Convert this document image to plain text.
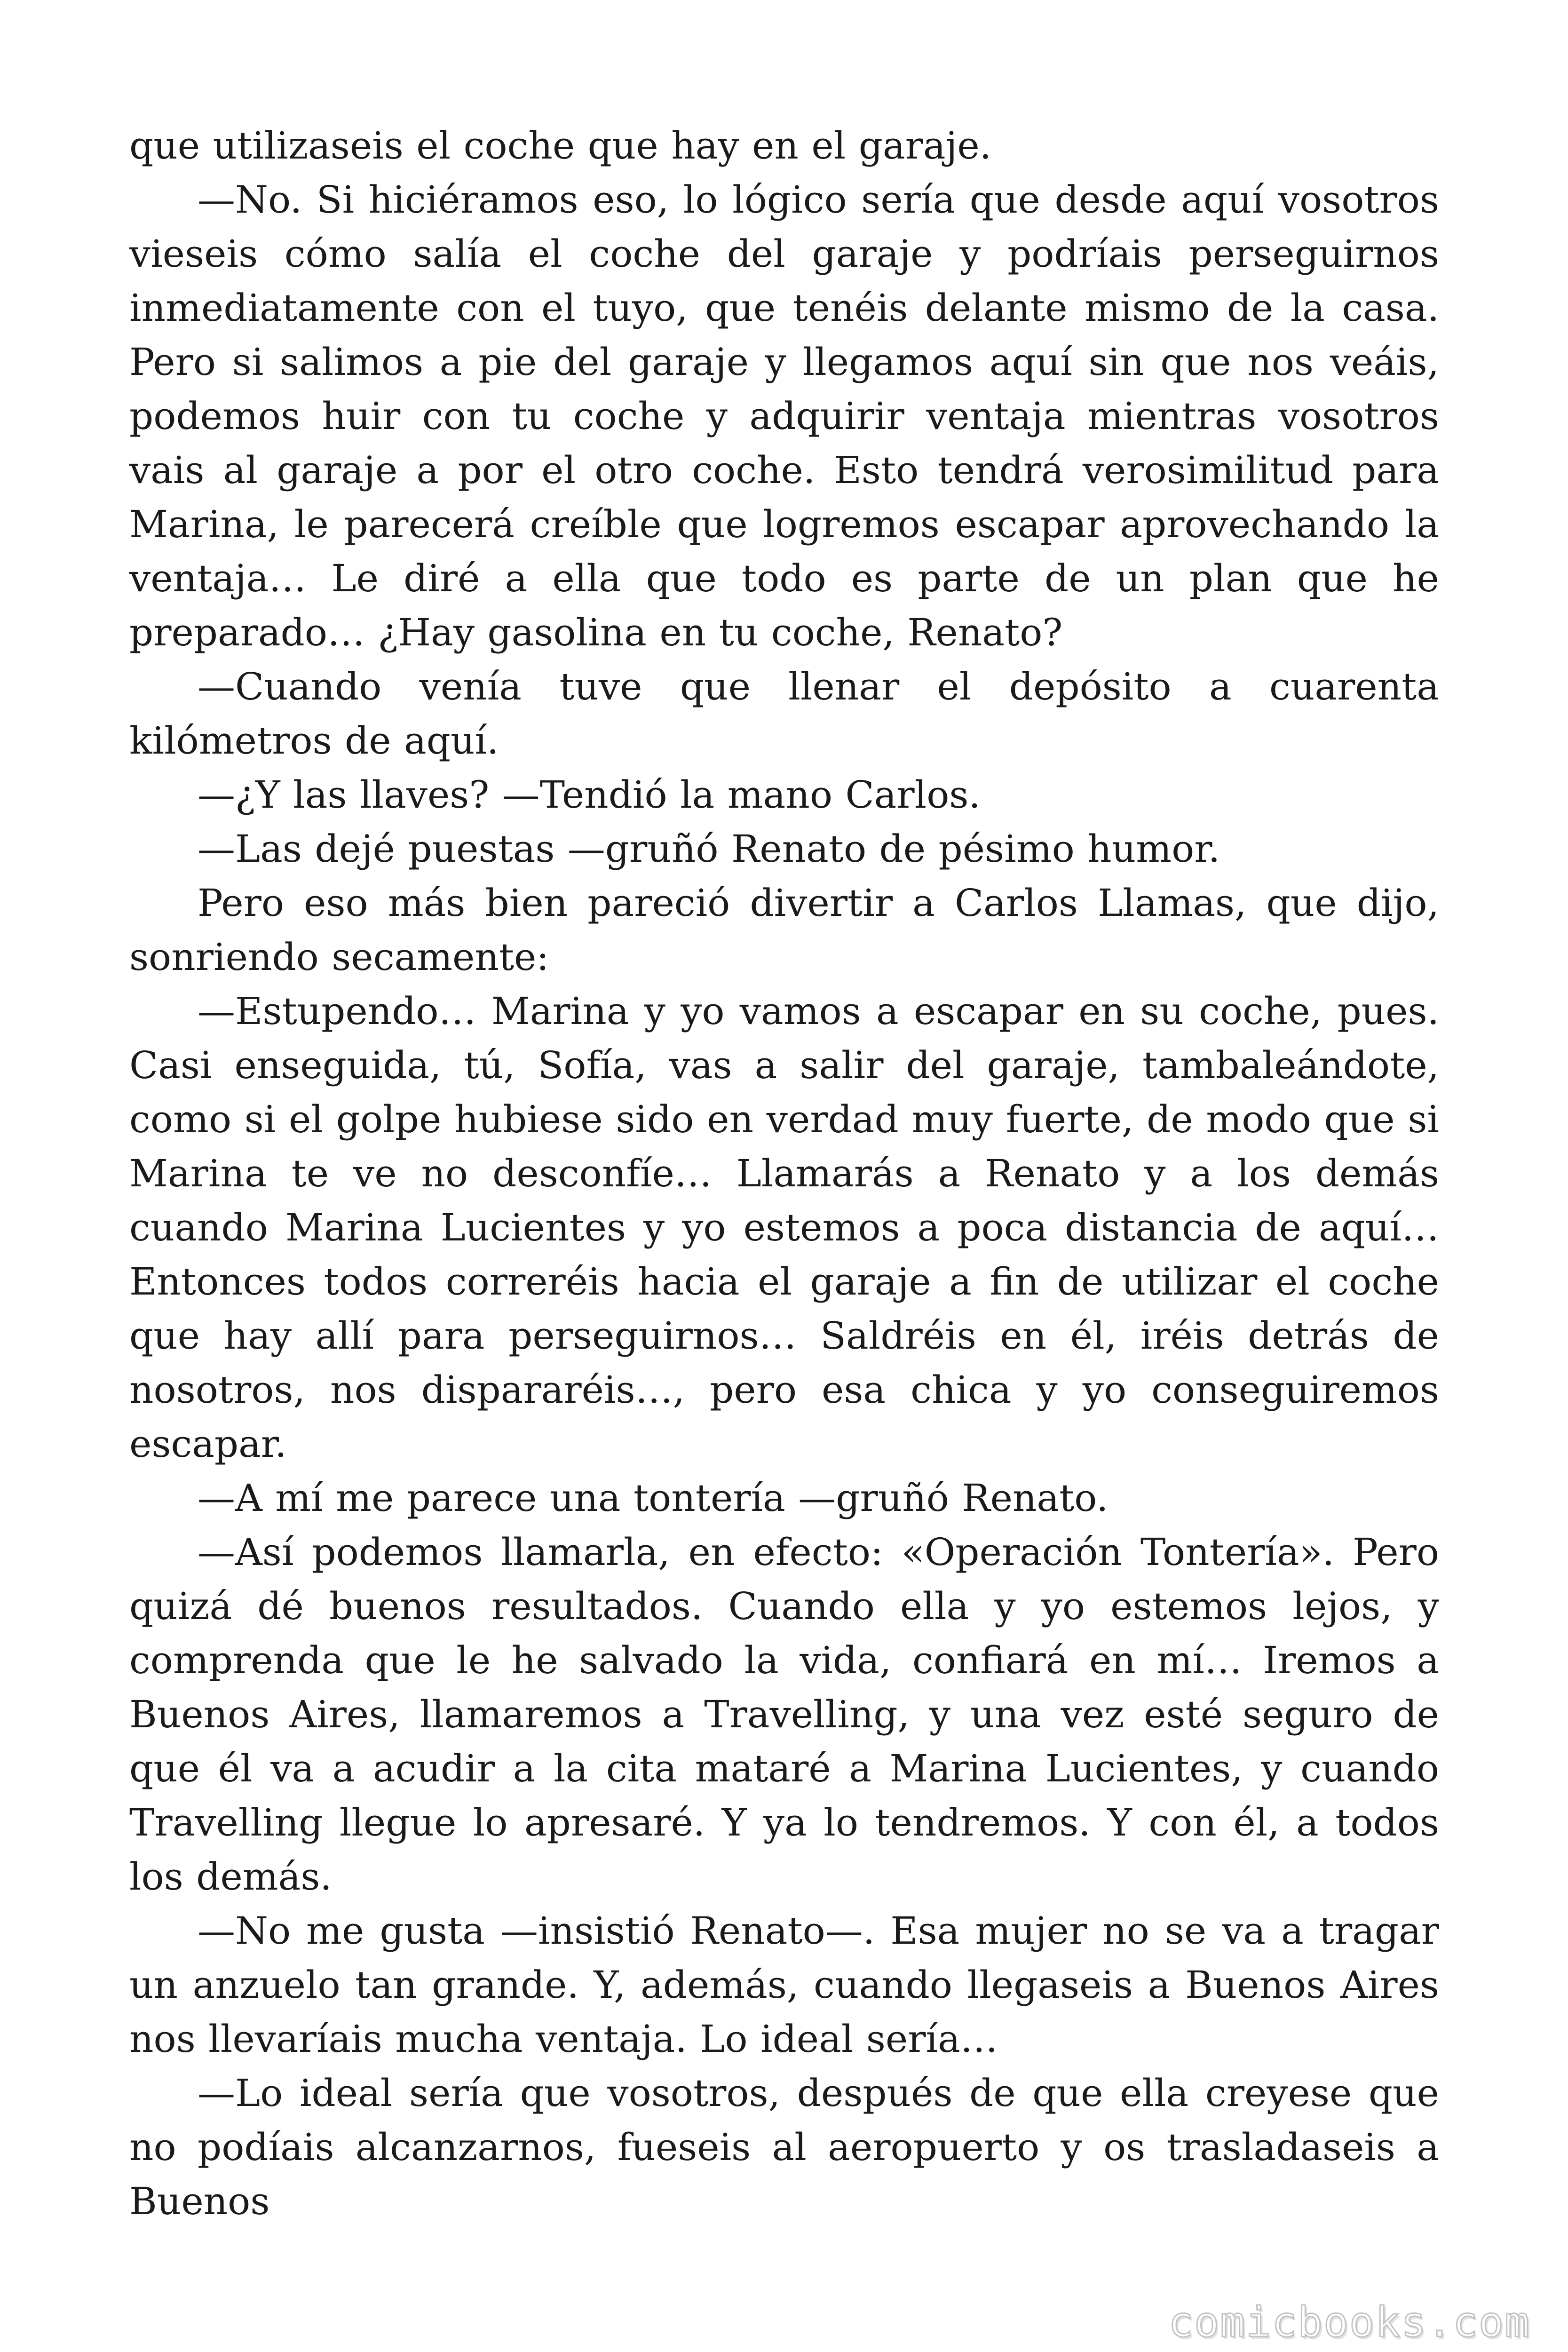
que utilizaseis el coche que hay en el garaje.

—No. Si hiciéramos eso, lo lógico sería que desde aquí vosotros vieseis cómo salía el coche del garaje y podríais perseguirnos inmediatamente con el tuyo, que tenéis delante mismo de la casa. Pero si salimos a pie del garaje y llegamos aquí sin que nos veáis, podemos huir con tu coche y adquirir ventaja mientras vosotros vais al garaje a por el otro coche. Esto tendrá verosimilitud para Marina, le parecerá creíble que logremos escapar aprovechando la ventaja… Le diré a ella que todo es parte de un plan que he preparado… ¿Hay gasolina en tu coche, Renato?

—Cuando venía tuve que llenar el depósito a cuarenta kilómetros de aquí.

—¿Y las llaves? —Tendió la mano Carlos.

—Las dejé puestas —gruñó Renato de pésimo humor.

Pero eso más bien pareció divertir a Carlos Llamas, que dijo, sonriendo secamente:

—Estupendo… Marina y yo vamos a escapar en su coche, pues. Casi enseguida, tú, Sofía, vas a salir del garaje, tambaleándote, como si el golpe hubiese sido en verdad muy fuerte, de modo que si Marina te ve no desconfíe… Llamarás a Renato y a los demás cuando Marina Lucientes y yo estemos a poca distancia de aquí… Entonces todos correréis hacia el garaje a fin de utilizar el coche que hay allí para perseguirnos… Saldréis en él, iréis detrás de nosotros, nos dispararéis…, pero esa chica y yo conseguiremos escapar.

—A mí me parece una tontería —gruñó Renato.

—Así podemos llamarla, en efecto: «Operación Tontería». Pero quizá dé buenos resultados. Cuando ella y yo estemos lejos, y comprenda que le he salvado la vida, confiará en mí… Iremos a Buenos Aires, llamaremos a Travelling, y una vez esté seguro de que él va a acudir a la cita mataré a Marina Lucientes, y cuando Travelling llegue lo apresaré. Y ya lo tendremos. Y con él, a todos los demás.

—No me gusta —insistió Renato—. Esa mujer no se va a tragar un anzuelo tan grande. Y, además, cuando llegaseis a Buenos Aires nos llevaríais mucha ventaja. Lo ideal sería…

—Lo ideal sería que vosotros, después de que ella creyese que no podíais alcanzarnos, fueseis al aeropuerto y os trasladaseis a Buenos

comicbooks.com
